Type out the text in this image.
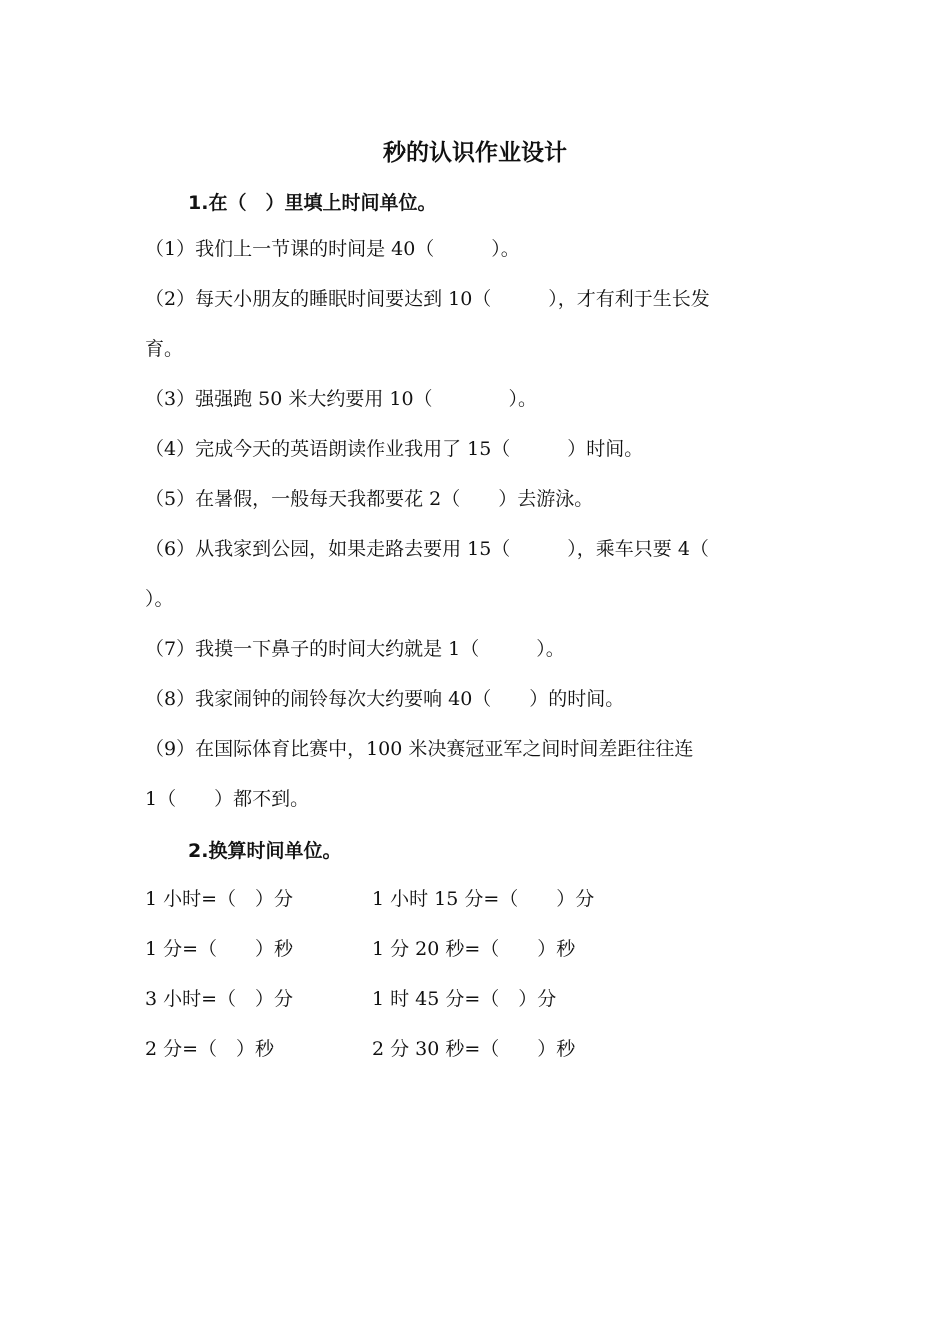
秒的认识作业设计
1.在（　）里填上时间单位。
（1）我们上一节课的时间是 40（　　　）。
（2）每天小朋友的睡眠时间要达到 10（　　　），才有利于生长发
育。
（3）强强跑 50 米大约要用 10（　　　　）。
（4）完成今天的英语朗读作业我用了 15（　　　）时间。
（5）在暑假，一般每天我都要花 2（　　）去游泳。
（6）从我家到公园，如果走路去要用 15（　　　），乘车只要 4（
）。
（7）我摸一下鼻子的时间大约就是 1（　　　）。
（8）我家闹钟的闹铃每次大约要响 40（　　）的时间。
（9）在国际体育比赛中，100 米决赛冠亚军之间时间差距往往连
1（　　）都不到。
2.换算时间单位。
1 小时=（　）分	1 小时 15 分=（　　）分
1 分=（　　）秒	1 分 20 秒=（　　）秒
3 小时=（　）分	1 时 45 分=（　）分
2 分=（　）秒	2 分 30 秒=（　　）秒
